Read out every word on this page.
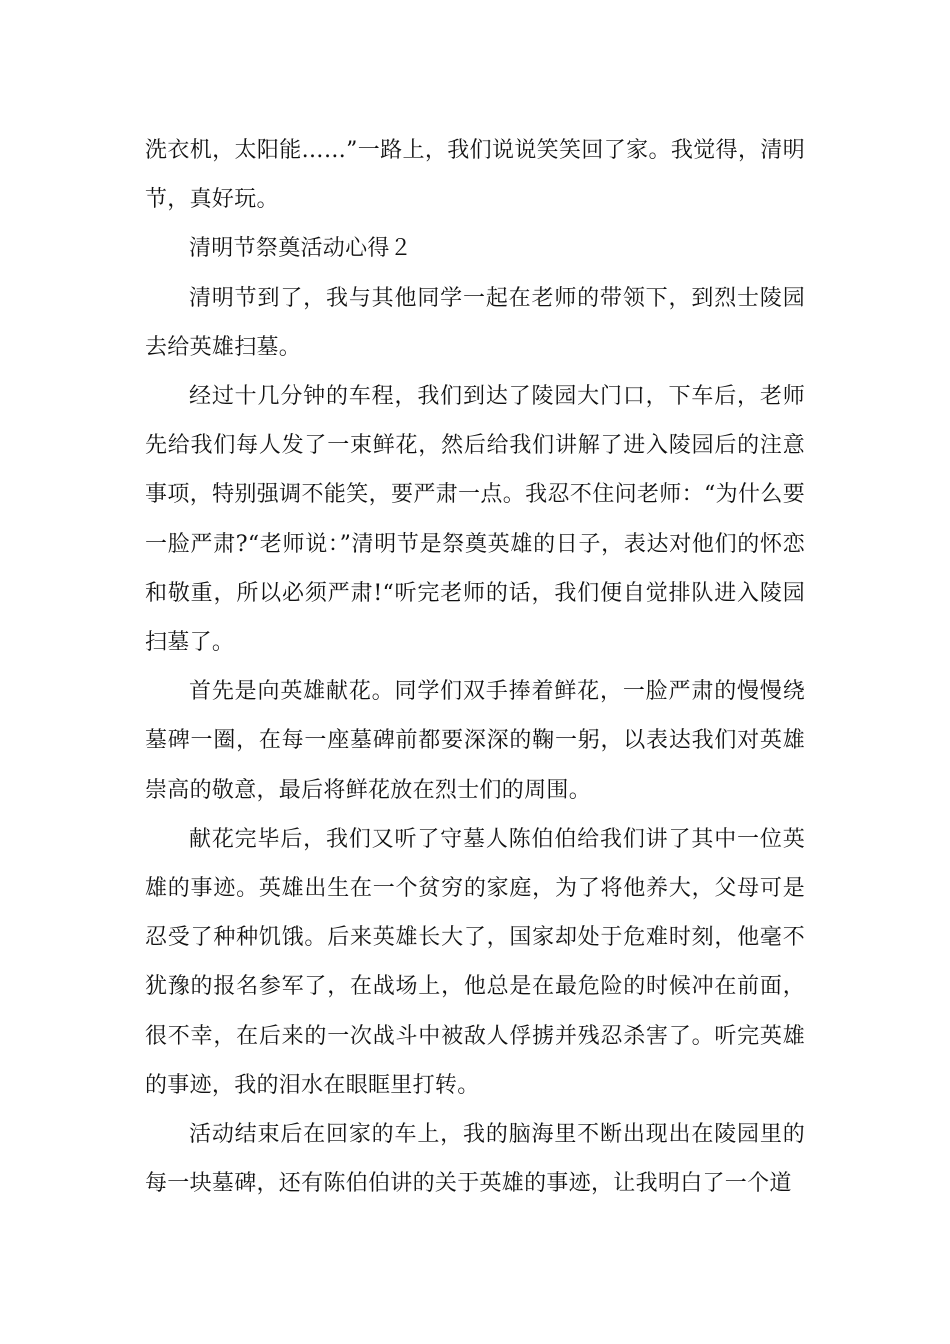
洗衣机，太阳能……”一路上，我们说说笑笑回了家。我觉得，清明节，真好玩。

清明节祭奠活动心得２

清明节到了，我与其他同学一起在老师的带领下，到烈士陵园去给英雄扫墓。

经过十几分钟的车程，我们到达了陵园大门口，下车后，老师先给我们每人发了一束鲜花，然后给我们讲解了进入陵园后的注意事项，特别强调不能笑，要严肃一点。我忍不住问老师：“为什么要一脸严肃?“老师说：”清明节是祭奠英雄的日子，表达对他们的怀恋和敬重，所以必须严肃!“听完老师的话，我们便自觉排队进入陵园扫墓了。

首先是向英雄献花。同学们双手捧着鲜花，一脸严肃的慢慢绕墓碑一圈，在每一座墓碑前都要深深的鞠一躬，以表达我们对英雄崇高的敬意，最后将鲜花放在烈士们的周围。

献花完毕后，我们又听了守墓人陈伯伯给我们讲了其中一位英雄的事迹。英雄出生在一个贫穷的家庭，为了将他养大，父母可是忍受了种种饥饿。后来英雄长大了，国家却处于危难时刻，他毫不犹豫的报名参军了，在战场上，他总是在最危险的时候冲在前面，很不幸，在后来的一次战斗中被敌人俘掳并残忍杀害了。听完英雄的事迹，我的泪水在眼眶里打转。

活动结束后在回家的车上，我的脑海里不断出现出在陵园里的每一块墓碑，还有陈伯伯讲的关于英雄的事迹，让我明白了一个道
